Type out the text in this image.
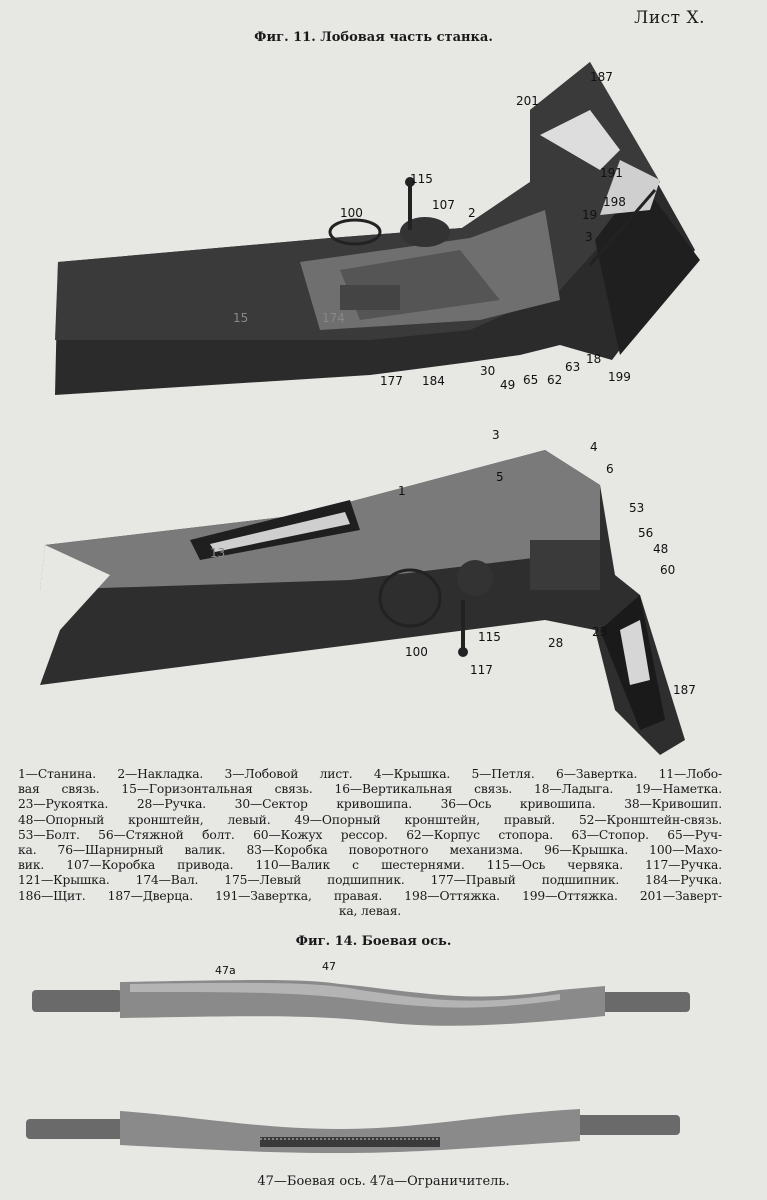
Лист X.
Фиг. 11. Лобовая часть станка.
187
201
115
100
107
2
191
19
198
3
15	174
30
18
63
62
65
49
199
177 184
3
4
6
5
1
13
53
56
48
60
115
100
117
28
23
187
1—Станина. 2—Накладка. 3—Лобовой лист. 4—Крышка. 5—Петля. 6—Завертка. 11—Лобо-
вая связь. 15—Горизонтальная связь. 16—Вертикальная связь. 18—Ладыга. 19—Наметка.
23—Рукоятка. 28—Ручка. 30—Сектор кривошипа. 36—Ось кривошипа. 38—Кривошип.
48—Опорный кронштейн, левый. 49—Опорный кронштейн, правый. 52—Кронштейн-связь.
53—Болт. 56—Стяжной болт. 60—Кожух рессор. 62—Корпус стопора. 63—Стопор. 65—Руч-
ка. 76—Шарнирный валик. 83—Коробка поворотного механизма. 96—Крышка. 100—Махо-
вик. 107—Коробка привода. 110—Валик с шестернями. 115—Ось червяка. 117—Ручка.
121—Крышка. 174—Вал. 175—Левый подшипник. 177—Правый подшипник. 184—Ручка.
186—Щит. 187—Дверца. 191—Завертка, правая. 198—Оттяжка. 199—Оттяжка. 201—Заверт-
ка, левая.
Фиг. 14. Боевая ось.
47а	47
47—Боевая ось. 47а—Ограничитель.
